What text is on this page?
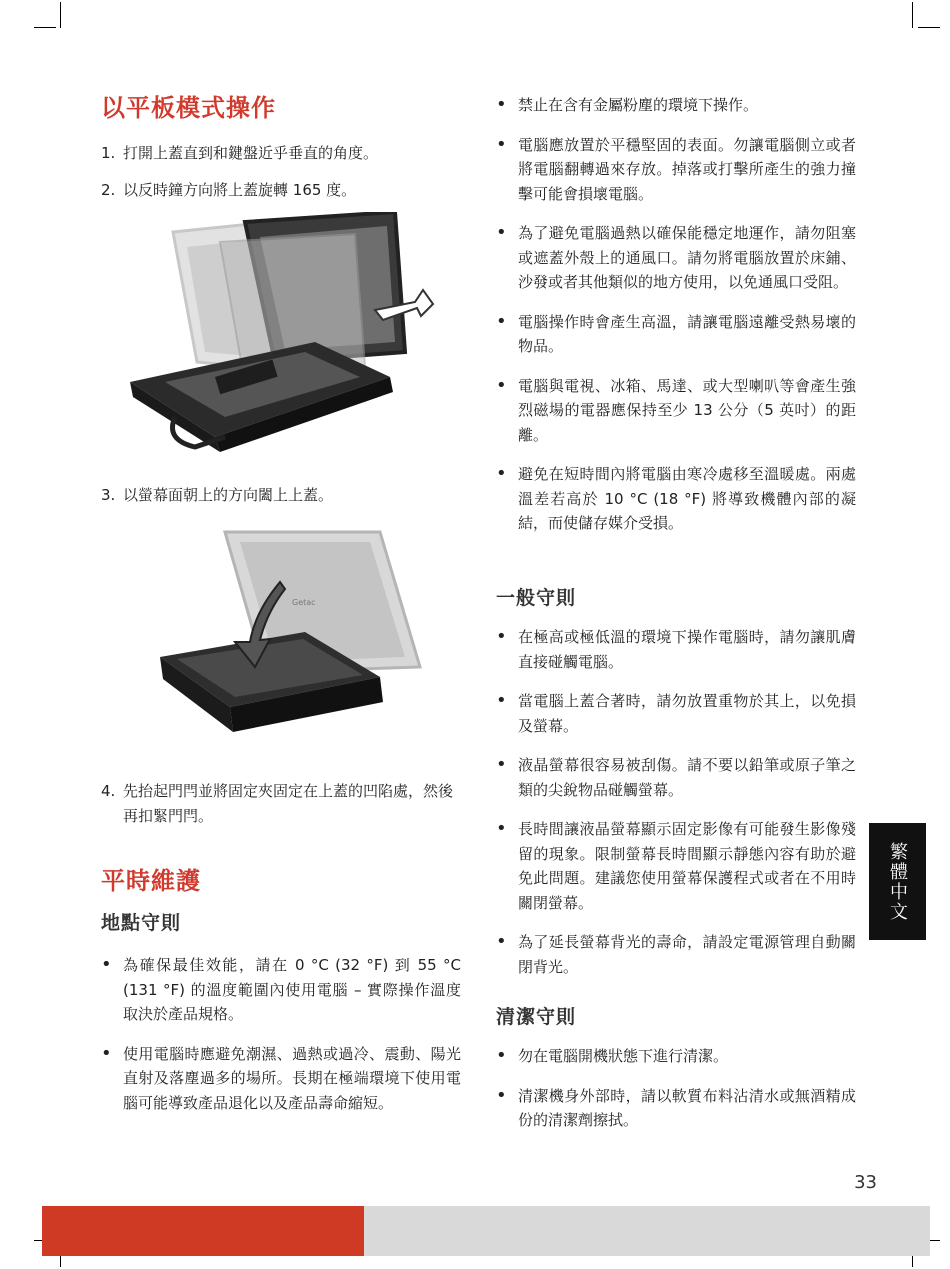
以平板模式操作
1. 打開上蓋直到和鍵盤近乎垂直的角度。
2. 以反時鐘方向將上蓋旋轉 165 度。
3. 以螢幕面朝上的方向闔上上蓋。
Getac
4. 先抬起門閂並將固定夾固定在上蓋的凹陷處，然後再扣緊門閂。
平時維護
地點守則
• 為確保最佳效能，請在 0 °C (32 °F) 到 55 °C (131 °F) 的溫度範圍內使用電腦 – 實際操作溫度取決於產品規格。
• 使用電腦時應避免潮濕、過熱或過冷、震動、陽光直射及落塵過多的場所。長期在極端環境下使用電腦可能導致產品退化以及產品壽命縮短。
• 禁止在含有金屬粉塵的環境下操作。
• 電腦應放置於平穩堅固的表面。勿讓電腦側立或者將電腦翻轉過來存放。掉落或打擊所產生的強力撞擊可能會損壞電腦。
• 為了避免電腦過熱以確保能穩定地運作，請勿阻塞或遮蓋外殼上的通風口。請勿將電腦放置於床鋪、沙發或者其他類似的地方使用，以免通風口受阻。
• 電腦操作時會產生高溫，請讓電腦遠離受熱易壞的物品。
• 電腦與電視、冰箱、馬達、或大型喇叭等會產生強烈磁場的電器應保持至少 13 公分（5 英吋）的距離。
• 避免在短時間內將電腦由寒冷處移至溫暖處。兩處溫差若高於 10 °C (18 °F) 將導致機體內部的凝結，而使儲存媒介受損。
一般守則
• 在極高或極低溫的環境下操作電腦時，請勿讓肌膚直接碰觸電腦。
• 當電腦上蓋合著時，請勿放置重物於其上，以免損及螢幕。
• 液晶螢幕很容易被刮傷。請不要以鉛筆或原子筆之類的尖銳物品碰觸螢幕。
• 長時間讓液晶螢幕顯示固定影像有可能發生影像殘留的現象。限制螢幕長時間顯示靜態內容有助於避免此問題。建議您使用螢幕保護程式或者在不用時關閉螢幕。
• 為了延長螢幕背光的壽命，請設定電源管理自動關閉背光。
清潔守則
• 勿在電腦開機狀態下進行清潔。
• 清潔機身外部時，請以軟質布料沾清水或無酒精成份的清潔劑擦拭。
繁體中文
33
